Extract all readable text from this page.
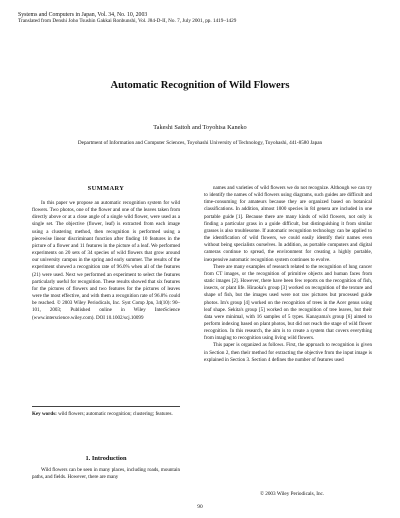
Systems and Computers in Japan, Vol. 34, No. 10, 2003
Translated from Denshi Joho Tsushin Gakkai Ronbunshi, Vol. J84-D-II, No. 7, July 2001, pp. 1419–1429
Automatic Recognition of Wild Flowers
Takeshi Saitoh and Toyohisa Kaneko
Department of Information and Computer Sciences, Toyohashi University of Technology, Toyohashi, 441-8580 Japan
SUMMARY

In this paper we propose an automatic recognition system for wild flowers. Two photos, one of the flower and one of the leaves taken from directly above or at a close angle of a single wild flower, were used as a single set. The objective (flower, leaf) is extracted from each image using a clustering method, then recognition is performed using a piecewise linear discriminant function after finding 10 features in the picture of a flower and 11 features in the picture of a leaf. We performed experiments on 20 sets of 34 species of wild flowers that grow around our university campus in the spring and early summer. The results of the experiment showed a recognition rate of 96.0% when all of the features (21) were used. Next we performed an experiment to select the features particularly useful for recognition. These results showed that six features for the pictures of flowers and two features for the pictures of leaves were the most effective, and with them a recognition rate of 96.8% could be reached. © 2003 Wiley Periodicals, Inc. Syst Comp Jpn, 34(10): 90–101, 2003; Published online in Wiley InterScience (www.interscience.wiley.com). DOI 10.1002/scj.10099

Key words: wild flowers; automatic recognition; clustering; features.
1. Introduction

Wild flowers can be seen in many places, including roads, mountain paths, and fields. However, there are many

names and varieties of wild flowers we do not recognize. Although we can try to identify the names of wild flowers using diagrams, such guides are difficult and time-consuming for amateurs because they are organized based on botanical classifications. In addition, almost 1000 species in 84 genera are included in one portable guide [1]. Because there are many kinds of wild flowers, not only is finding a particular grass in a guide difficult, but distinguishing it from similar grasses is also troublesome. If automatic recognition technology can be applied to the identification of wild flowers, we could easily identify their names even without being specialists ourselves. In addition, as portable computers and digital cameras continue to spread, the environment for creating a highly portable, inexpensive automatic recognition system continues to evolve.

There are many examples of research related to the recognition of lung cancer from CT images, or the recognition of primitive objects and human faces from static images [2]. However, there have been few reports on the recognition of fish, insects, or plant life. Hiraoka's group [3] worked on recognition of the texture and shape of fish, but the images used were not raw pictures but processed guide photos. Im's group [4] worked on the recognition of trees in the Acer genus using leaf shape. Sekita's group [5] worked on the recognition of tree leaves, but their data were minimal, with 16 samples of 5 types. Kanayama's group [6] aimed to perform indexing based on plant photos, but did not reach the stage of wild flower recognition. In this research, the aim is to create a system that covers everything from imaging to recognition using living wild flowers.

This paper is organized as follows. First, the approach to recognition is given in Section 2, then their method for extracting the objective from the input image is explained in Section 3. Section 4 defines the number of features used

© 2003 Wiley Periodicals, Inc.
90
